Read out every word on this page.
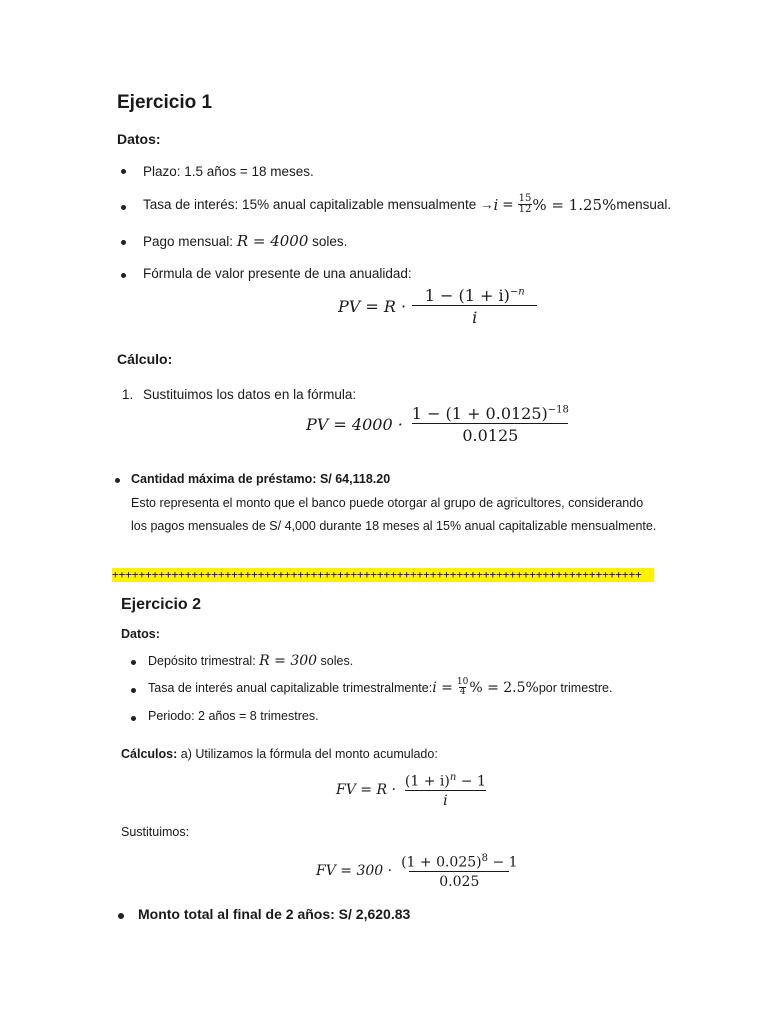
Ejercicio 1
Datos:
Plazo: 1.5 años = 18 meses.
Tasa de interés: 15% anual capitalizable mensualmente → $i = \frac{15}{12}$ % = 1.25% mensual.
Pago mensual: R = 4000 soles.
Fórmula de valor presente de una anualidad:
PV = $R \cdot \frac{1 - (1 + i)^{-n}}{i}$
Cálculo:
1. Sustituimos los datos en la fórmula:
PV = $4000 \cdot \frac{1 - (1 + 0.0125)^{-18}}{0.0125}$
Cantidad máxima de préstamo: S/ 64,118.20
Esto representa el monto que el banco puede otorgar al grupo de agricultores, considerando
los pagos mensuales de S/ 4,000 durante 18 meses al 15% anual capitalizable mensualmente.
++++++++++++++++++++++++++++++++++++++++++++++++++++++++++++++++++++++++++++++++
Ejercicio 2
Datos:
Depósito trimestral: R = 300 soles.
Tasa de interés anual capitalizable trimestralmente: $i = \frac{10}{4}$ % = 2.5% por trimestre.
Periodo: 2 años = 8 trimestres.
Cálculos: a) Utilizamos la fórmula del monto acumulado:
FV = $R \cdot \frac{(1 + i)^n - 1}{i}$
Sustituimos:
FV = $300 \cdot \frac{(1 + 0.025)^8 - 1}{0.025}$
Monto total al final de 2 años: S/ 2,620.83
